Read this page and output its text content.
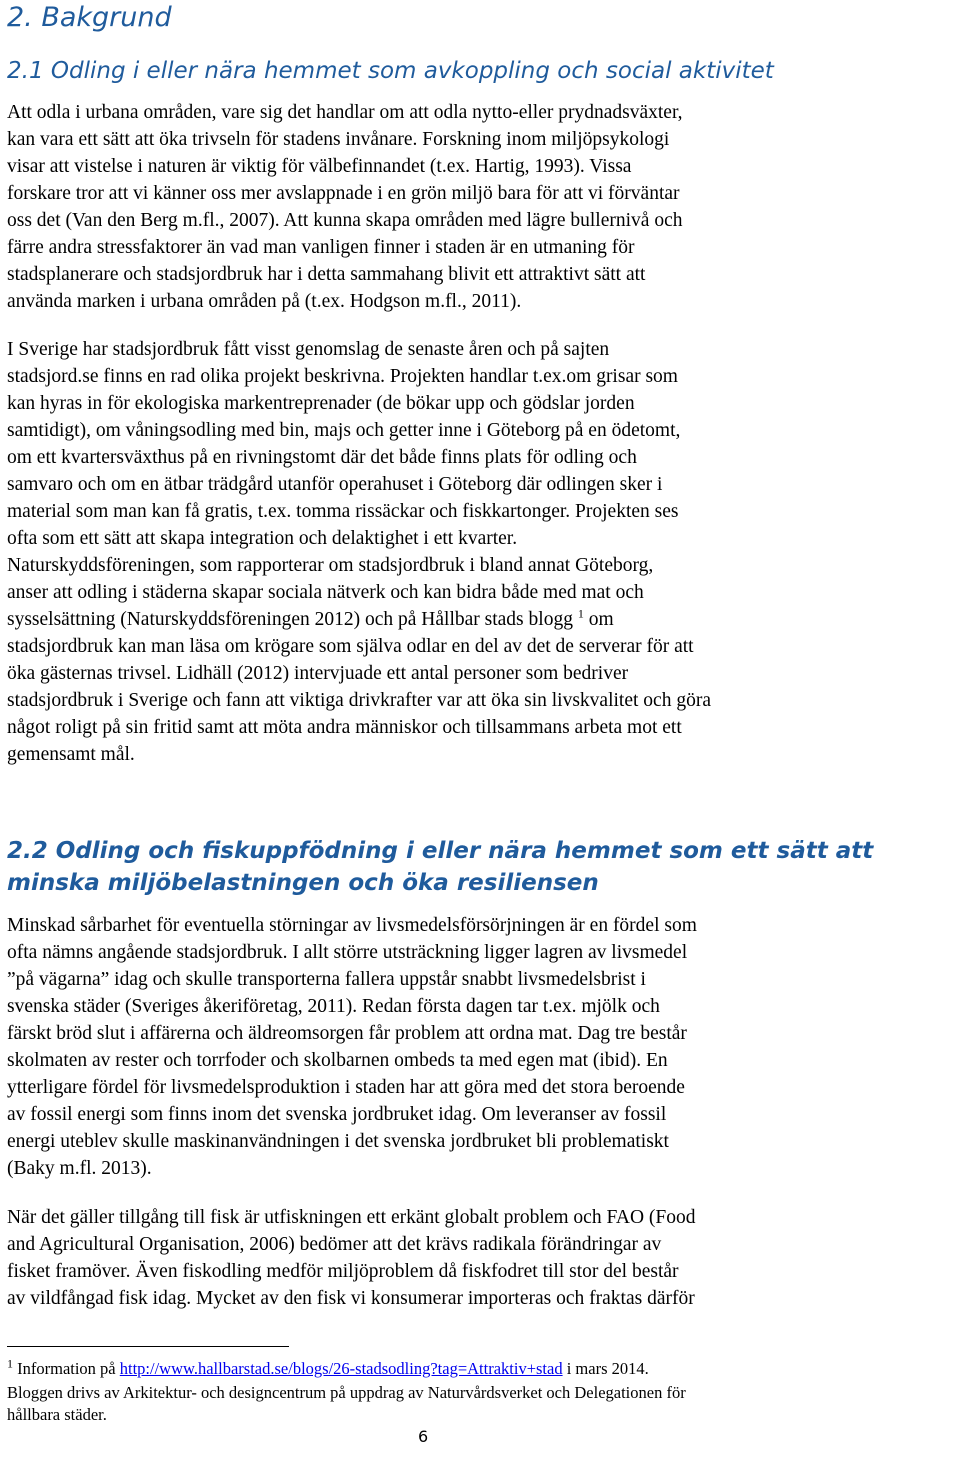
2. Bakgrund
2.1 Odling i eller nära hemmet som avkoppling och social aktivitet
Att odla i urbana områden, vare sig det handlar om att odla nytto-eller prydnadsväxter,
kan vara ett sätt att öka trivseln för stadens invånare. Forskning inom miljöpsykologi
visar att vistelse i naturen är viktig för välbefinnandet (t.ex. Hartig, 1993). Vissa
forskare tror att vi känner oss mer avslappnade i en grön miljö bara för att vi förväntar
oss det (Van den Berg m.fl., 2007). Att kunna skapa områden med lägre bullernivå och
färre andra stressfaktorer än vad man vanligen finner i staden är en utmaning för
stadsplanerare och stadsjordbruk har i detta sammahang blivit ett attraktivt sätt att
använda marken i urbana områden på (t.ex. Hodgson m.fl., 2011).
I Sverige har stadsjordbruk fått visst genomslag de senaste åren och på sajten
stadsjord.se finns en rad olika projekt beskrivna. Projekten handlar t.ex.om grisar som
kan hyras in för ekologiska markentreprenader (de bökar upp och gödslar jorden
samtidigt), om våningsodling med bin, majs och getter inne i Göteborg på en ödetomt,
om ett kvartersväxthus på en rivningstomt där det både finns plats för odling och
samvaro och om en ätbar trädgård utanför operahuset i Göteborg där odlingen sker i
material som man kan få gratis, t.ex. tomma rissäckar och fiskkartonger. Projekten ses
ofta som ett sätt att skapa integration och delaktighet i ett kvarter.
Naturskyddsföreningen, som rapporterar om stadsjordbruk i bland annat Göteborg,
anser att odling i städerna skapar sociala nätverk och kan bidra både med mat och
sysselsättning (Naturskyddsföreningen 2012) och på Hållbar stads blogg $^1$ om
stadsjordbruk kan man läsa om krögare som själva odlar en del av det de serverar för att
öka gästernas trivsel. Lidhäll (2012) intervjuade ett antal personer som bedriver
stadsjordbruk i Sverige och fann att viktiga drivkrafter var att öka sin livskvalitet och göra
något roligt på sin fritid samt att möta andra människor och tillsammans arbeta mot ett
gemensamt mål.
2.2 Odling och fiskuppfödning i eller nära hemmet som ett sätt att
minska miljöbelastningen och öka resiliensen
Minskad sårbarhet för eventuella störningar av livsmedelsförsörjningen är en fördel som
ofta nämns angående stadsjordbruk. I allt större utsträckning ligger lagren av livsmedel
”på vägarna” idag och skulle transporterna fallera uppstår snabbt livsmedelsbrist i
svenska städer (Sveriges åkeriföretag, 2011). Redan första dagen tar t.ex. mjölk och
färskt bröd slut i affärerna och äldreomsorgen får problem att ordna mat. Dag tre består
skolmaten av rester och torrfoder och skolbarnen ombeds ta med egen mat (ibid). En
ytterligare fördel för livsmedelsproduktion i staden har att göra med det stora beroende
av fossil energi som finns inom det svenska jordbruket idag. Om leveranser av fossil
energi uteblev skulle maskinanvändningen i det svenska jordbruket bli problematiskt
(Baky m.fl. 2013).
När det gäller tillgång till fisk är utfiskningen ett erkänt globalt problem och FAO (Food
and Agricultural Organisation, 2006) bedömer att det krävs radikala förändringar av
fisket framöver. Även fiskodling medför miljöproblem då fiskfodret till stor del består
av vildfångad fisk idag. Mycket av den fisk vi konsumerar importeras och fraktas därför
$^1$ Information på http://www.hallbarstad.se/blogs/26-stadsodling?tag=Attraktiv+stad i mars 2014.
Bloggen drivs av Arkitektur- och designcentrum på uppdrag av Naturvårdsverket och Delegationen för
hållbara städer.
6
